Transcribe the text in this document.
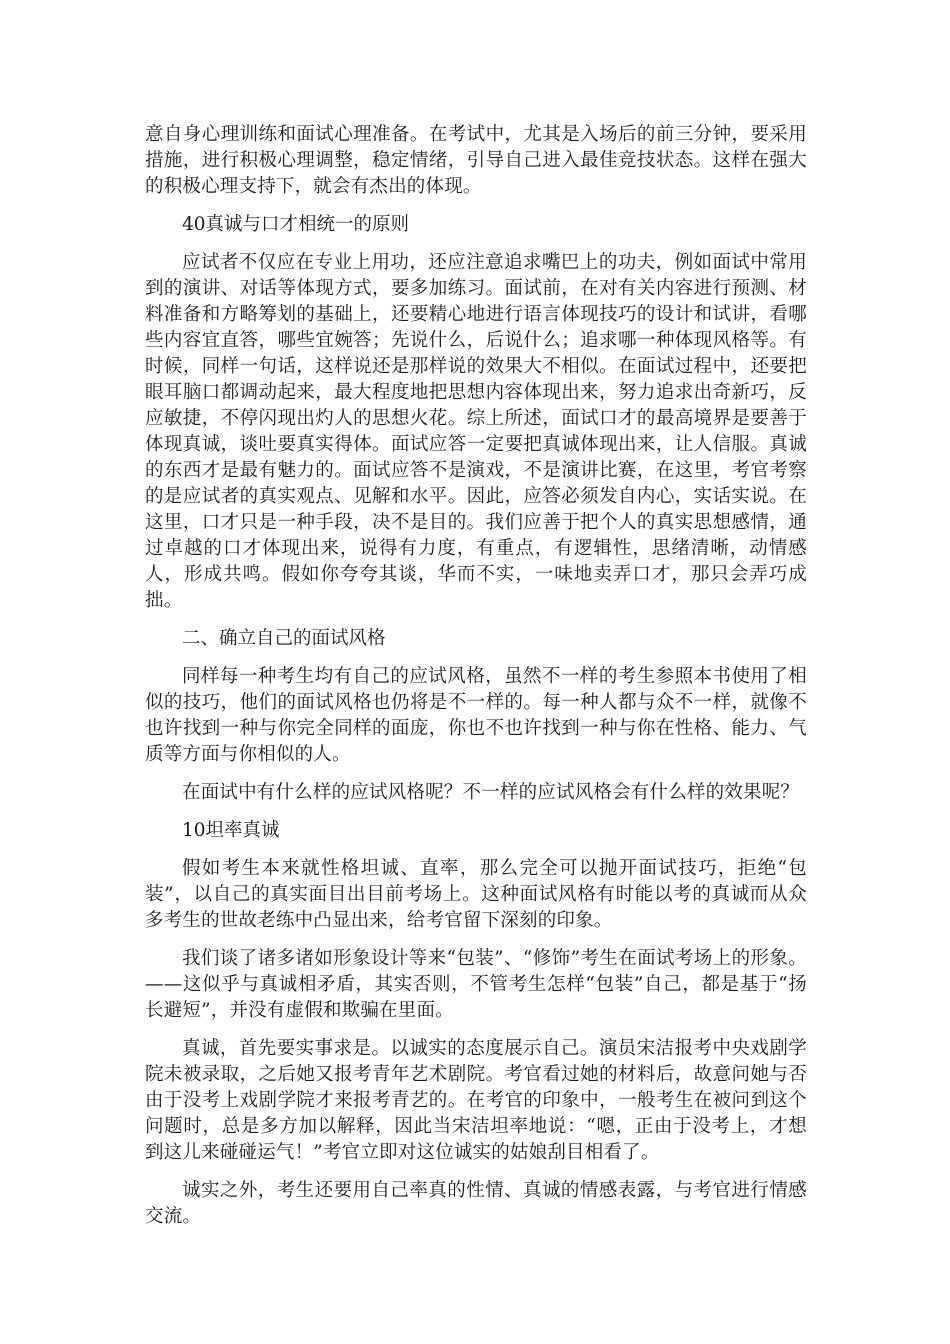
意自身心理训练和面试心理准备。在考试中，尤其是入场后的前三分钟，要采用措施，进行积极心理调整，稳定情绪，引导自己进入最佳竞技状态。这样在强大的积极心理支持下，就会有杰出的体现。

40真诚与口才相统一的原则

应试者不仅应在专业上用功，还应注意追求嘴巴上的功夫，例如面试中常用到的演讲、对话等体现方式，要多加练习。面试前，在对有关内容进行预测、材料准备和方略筹划的基础上，还要精心地进行语言体现技巧的设计和试讲，看哪些内容宜直答，哪些宜婉答；先说什么，后说什么；追求哪一种体现风格等。有时候，同样一句话，这样说还是那样说的效果大不相似。在面试过程中，还要把眼耳脑口都调动起来，最大程度地把思想内容体现出来，努力追求出奇新巧，反应敏捷，不停闪现出灼人的思想火花。综上所述，面试口才的最高境界是要善于体现真诚，谈吐要真实得体。面试应答一定要把真诚体现出来，让人信服。真诚的东西才是最有魅力的。面试应答不是演戏，不是演讲比赛，在这里，考官考察的是应试者的真实观点、见解和水平。因此，应答必须发自内心，实话实说。在这里，口才只是一种手段，决不是目的。我们应善于把个人的真实思想感情，通过卓越的口才体现出来，说得有力度，有重点，有逻辑性，思绪清晰，动情感人，形成共鸣。假如你夸夸其谈，华而不实，一味地卖弄口才，那只会弄巧成拙。

二、确立自己的面试风格

同样每一种考生均有自己的应试风格，虽然不一样的考生参照本书使用了相似的技巧，他们的面试风格也仍将是不一样的。每一种人都与众不一样，就像不也许找到一种与你完全同样的面庞，你也不也许找到一种与你在性格、能力、气质等方面与你相似的人。

在面试中有什么样的应试风格呢？不一样的应试风格会有什么样的效果呢？

10坦率真诚

假如考生本来就性格坦诚、直率，那么完全可以抛开面试技巧，拒绝“包装”，以自己的真实面目出目前考场上。这种面试风格有时能以考的真诚而从众多考生的世故老练中凸显出来，给考官留下深刻的印象。

我们谈了诸多诸如形象设计等来“包装”、“修饰”考生在面试考场上的形象。——这似乎与真诚相矛盾，其实否则，不管考生怎样“包装”自己，都是基于“扬长避短”，并没有虚假和欺骗在里面。

真诚，首先要实事求是。以诚实的态度展示自己。演员宋洁报考中央戏剧学院未被录取，之后她又报考青年艺术剧院。考官看过她的材料后，故意问她与否由于没考上戏剧学院才来报考青艺的。在考官的印象中，一般考生在被问到这个问题时，总是多方加以解释，因此当宋洁坦率地说：“嗯，正由于没考上，才想到这儿来碰碰运气！”考官立即对这位诚实的姑娘刮目相看了。

诚实之外，考生还要用自己率真的性情、真诚的情感表露，与考官进行情感交流。
